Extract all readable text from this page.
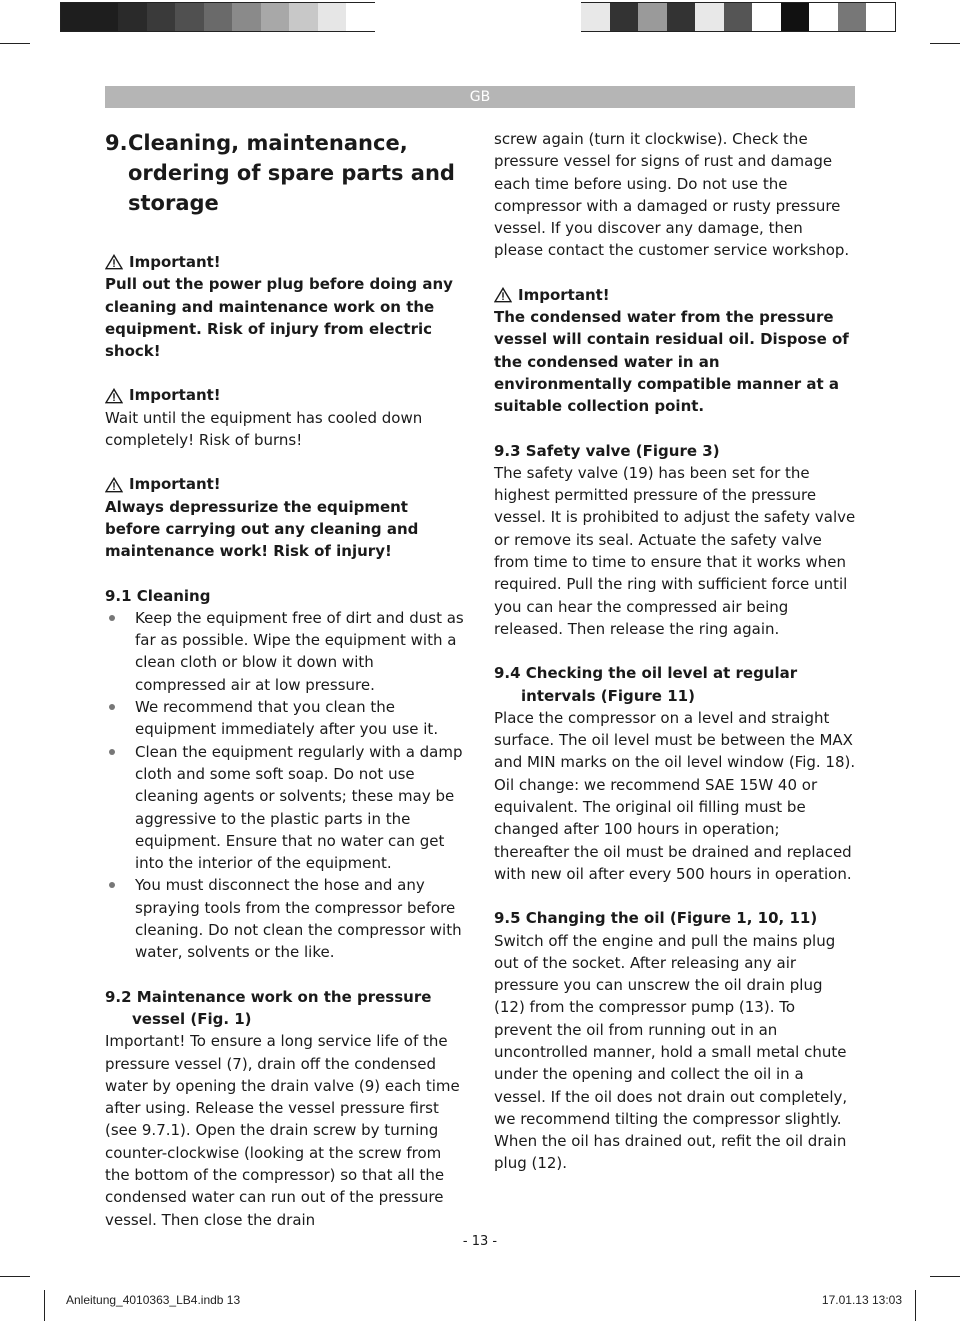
GB
9. Cleaning, maintenance, ordering of spare parts and storage
Important!

Pull out the power plug before doing any cleaning and maintenance work on the equipment. Risk of injury from electric shock!

Important!

Wait until the equipment has cooled down completely! Risk of burns!

Important!

Always depressurize the equipment before carrying out any cleaning and maintenance work! Risk of injury!

9.1 Cleaning

Keep the equipment free of dirt and dust as far as possible. Wipe the equipment with a clean cloth or blow it down with compressed air at low pressure.
We recommend that you clean the equipment immediately after you use it.
Clean the equipment regularly with a damp cloth and some soft soap. Do not use cleaning agents or solvents; these may be aggressive to the plastic parts in the equipment. Ensure that no water can get into the interior of the equipment.
You must disconnect the hose and any spraying tools from the compressor before cleaning. Do not clean the compressor with water, solvents or the like.

9.2 Maintenance work on the pressure vessel (Fig. 1)

Important! To ensure a long service life of the pressure vessel (7), drain off the condensed water by opening the drain valve (9) each time after using. Release the vessel pressure first (see 9.7.1). Open the drain screw by turning counter-clockwise (looking at the screw from the bottom of the compressor) so that all the condensed water can run out of the pressure vessel. Then close the drain

screw again (turn it clockwise). Check the pressure vessel for signs of rust and damage each time before using. Do not use the compressor with a damaged or rusty pressure vessel. If you discover any damage, then please contact the customer service workshop.

Important!

The condensed water from the pressure vessel will contain residual oil. Dispose of the condensed water in an environmentally compatible manner at a suitable collection point.

9.3 Safety valve (Figure 3)

The safety valve (19) has been set for the highest permitted pressure of the pressure vessel. It is prohibited to adjust the safety valve or remove its seal. Actuate the safety valve from time to time to ensure that it works when required. Pull the ring with sufficient force until you can hear the compressed air being released. Then release the ring again.

9.4 Checking the oil level at regular intervals (Figure 11)

Place the compressor on a level and straight surface. The oil level must be between the MAX and MIN marks on the oil level window (Fig. 18). Oil change: we recommend SAE 15W 40 or equivalent. The original oil filling must be changed after 100 hours in operation; thereafter the oil must be drained and replaced with new oil after every 500 hours in operation.

9.5 Changing the oil (Figure 1, 10, 11)

Switch off the engine and pull the mains plug out of the socket. After releasing any air pressure you can unscrew the oil drain plug (12) from the compressor pump (13). To prevent the oil from running out in an uncontrolled manner, hold a small metal chute under the opening and collect the oil in a vessel. If the oil does not drain out completely, we recommend tilting the compressor slightly. When the oil has drained out, refit the oil drain plug (12).

- 13 -
Anleitung_4010363_LB4.indb 13	17.01.13 13:03
